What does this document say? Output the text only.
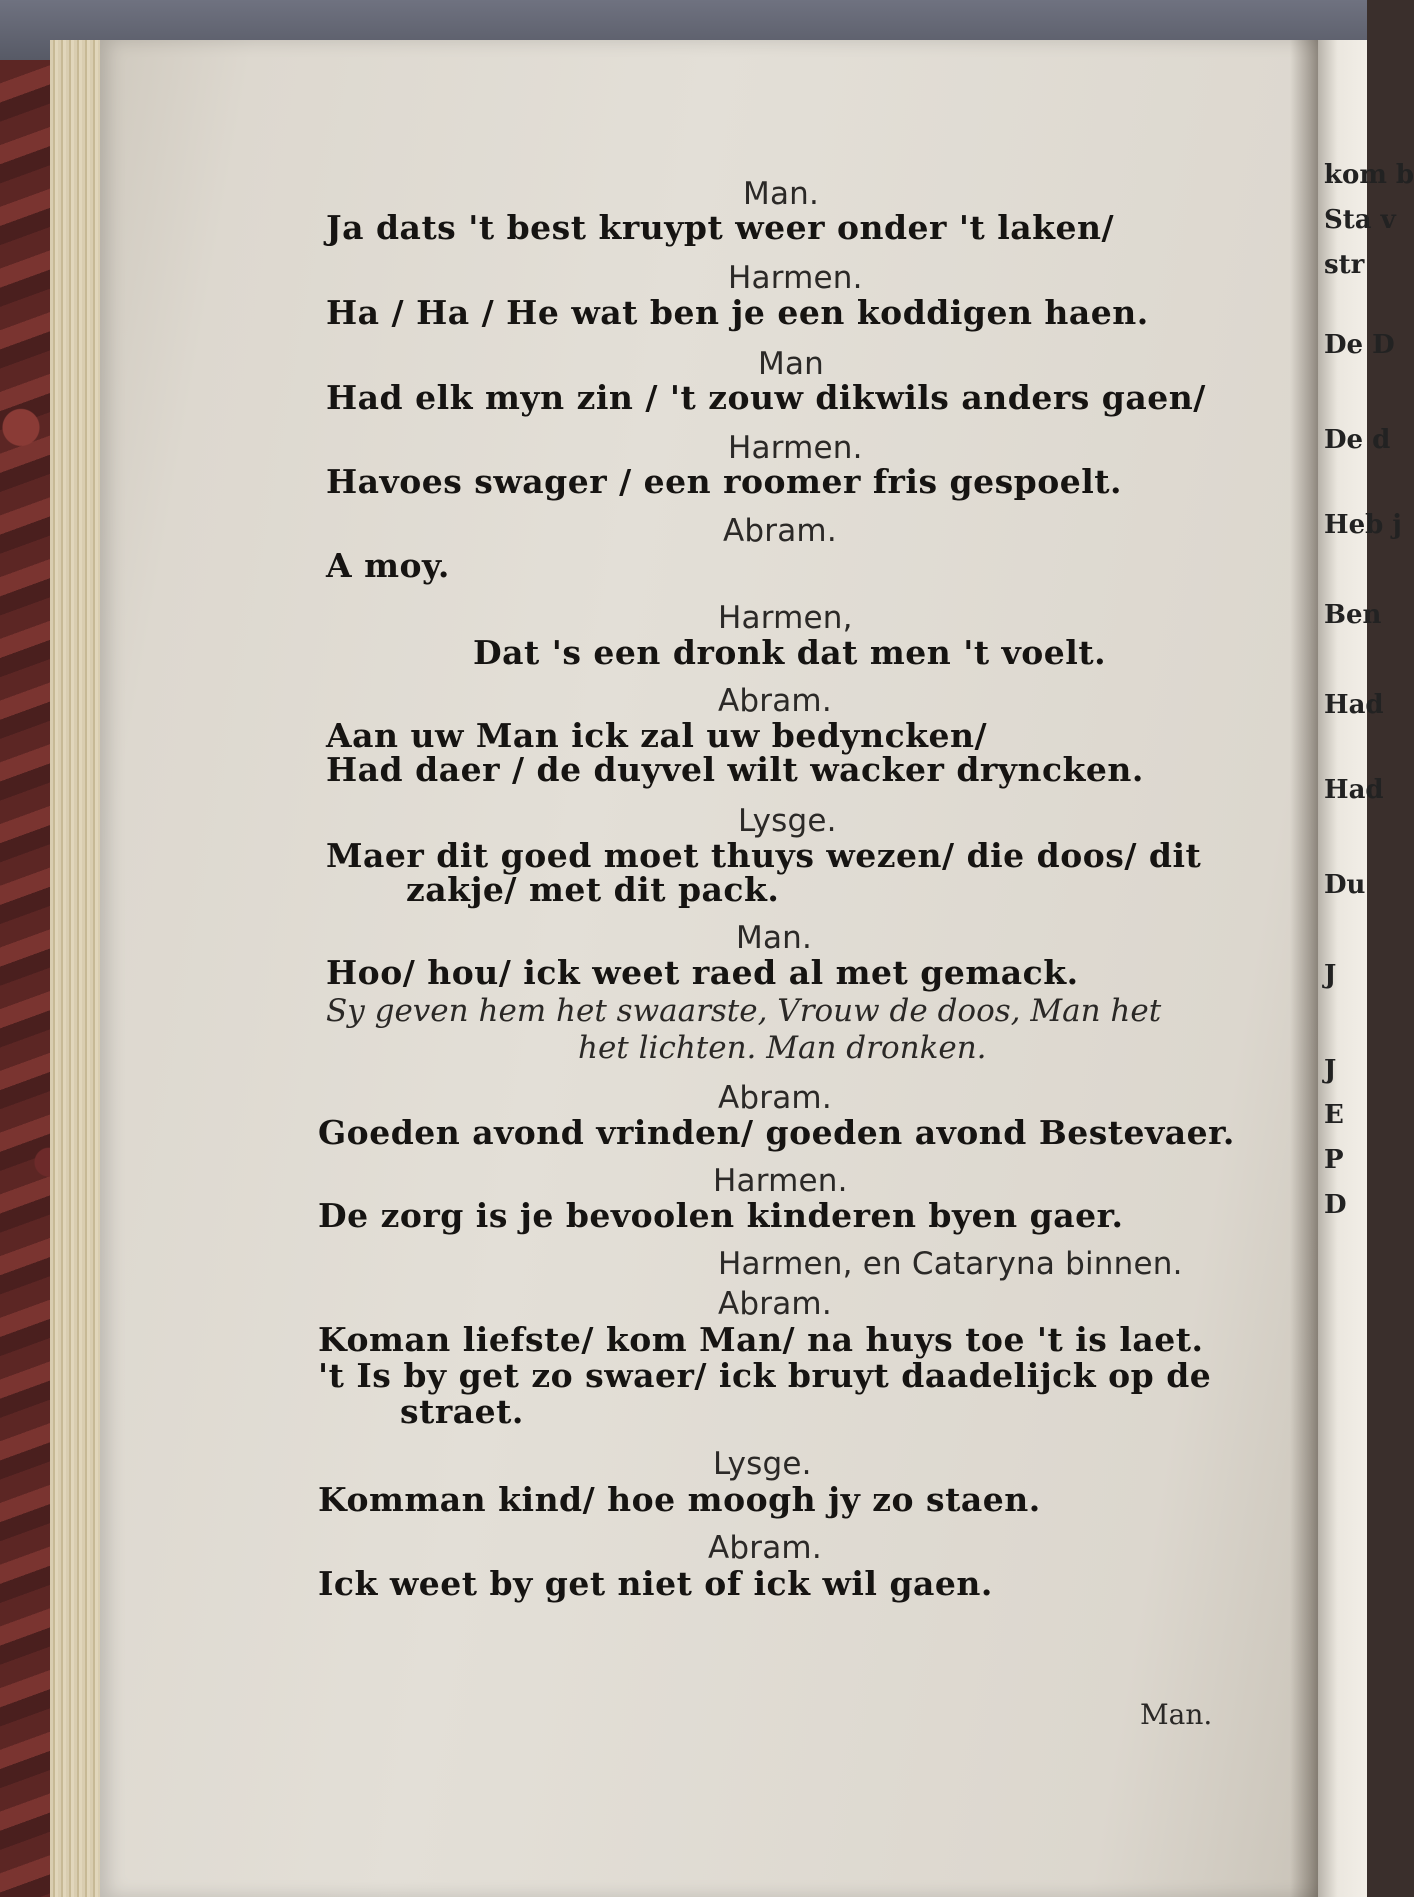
kom b
Sta v
str
De D
De d
Heb j
Ben
Had
Had
Du
J
J
E
P
D
Man.
Ja dats 't best kruypt weer onder 't laken/
Harmen.
Ha / Ha / He wat ben je een koddigen haen.
Man
Had elk myn zin / 't zouw dikwils anders gaen/
Harmen.
Havoes swager / een roomer fris gespoelt.
Abram.
A moy.
Harmen,
Dat 's een dronk dat men 't voelt.
Abram.
Aan uw Man ick zal uw bedyncken/
Had daer / de duyvel wilt wacker dryncken.
Lysge.
Maer dit goed moet thuys wezen/ die doos/ dit
zakje/ met dit pack.
Man.
Hoo/ hou/ ick weet raed al met gemack.
Sy geven hem het swaarste, Vrouw de doos, Man het
het lichten. Man dronken.
Abram.
Goeden avond vrinden/ goeden avond Bestevaer.
Harmen.
De zorg is je bevoolen kinderen byen gaer.
Harmen, en Cataryna binnen.
Abram.
Koman liefste/ kom Man/ na huys toe 't is laet.
't Is by get zo swaer/ ick bruyt daadelijck op de
straet.
Lysge.
Komman kind/ hoe moogh jy zo staen.
Abram.
Ick weet by get niet of ick wil gaen.
Man.
